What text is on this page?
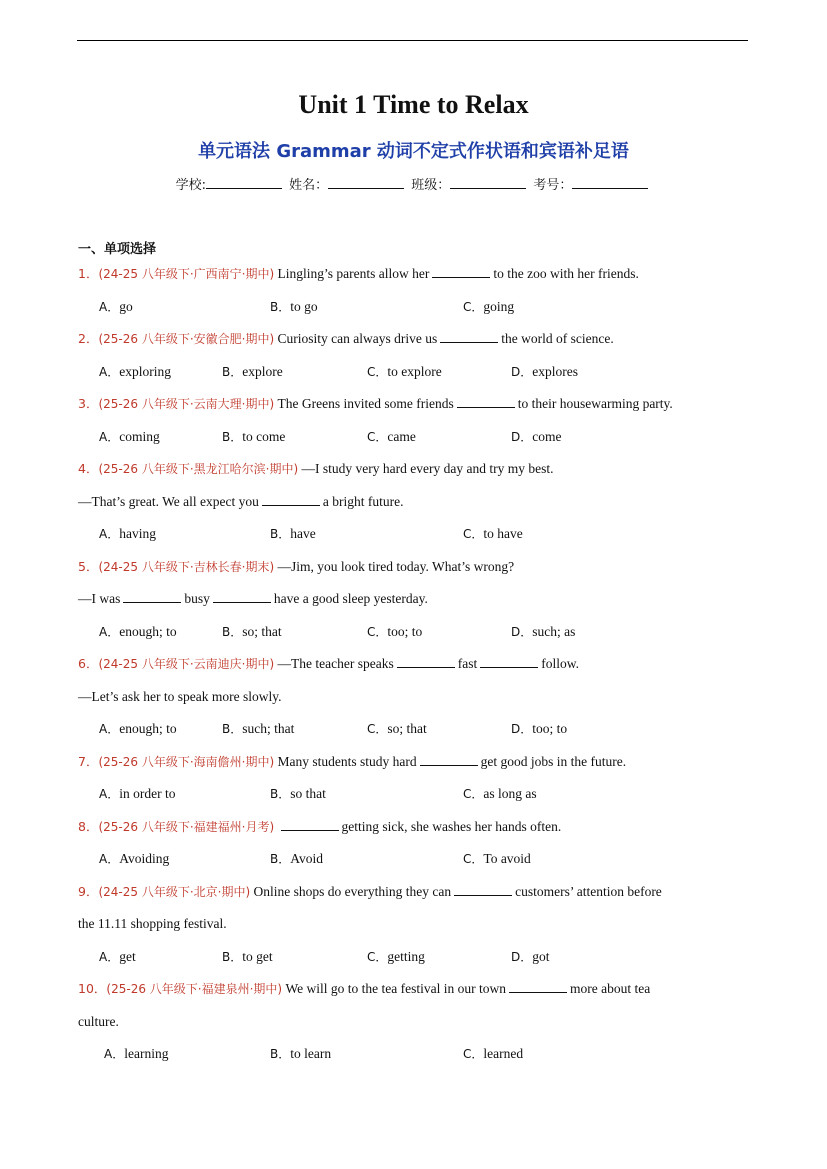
Unit 1 Time to Relax
单元语法 Grammar 动词不定式作状语和宾语补足语
学校:	姓名：	班级：	考号：
一、单项选择
1．(24-25 八年级下·广西南宁·期中) Lingling’s parents allow her	to the zoo with her friends.
A．go	B．to go	C．going
2．(25-26 八年级下·安徽合肥·期中) Curiosity can always drive us	the world of science.
A．exploring	B．explore	C．to explore	D．explores
3．(25-26 八年级下·云南大理·期中) The Greens invited some friends	to their housewarming party.
A．coming	B．to come	C．came	D．come
4．(25-26 八年级下·黑龙江哈尔滨·期中) —I study very hard every day and try my best.
—That’s great. We all expect you	a bright future.
A．having	B．have	C．to have
5．(24-25 八年级下·吉林长春·期末) —Jim, you look tired today. What’s wrong?
—I was	busy	have a good sleep yesterday.
A．enough; to	B．so; that	C．too; to	D．such; as
6．(24-25 八年级下·云南迪庆·期中) —The teacher speaks	fast	follow.
—Let’s ask her to speak more slowly.
A．enough; to	B．such; that	C．so; that	D．too; to
7．(25-26 八年级下·海南儋州·期中) Many students study hard	get good jobs in the future.
A．in order to	B．so that	C．as long as
8．(25-26 八年级下·福建福州·月考)	getting sick, she washes her hands often.
A．Avoiding	B．Avoid	C．To avoid
9．(24-25 八年级下·北京·期中) Online shops do everything they can	customers’ attention before
the 11.11 shopping festival.
A．get	B．to get	C．getting	D．got
10．(25-26 八年级下·福建泉州·期中) We will go to the tea festival in our town	more about tea
culture.
A．learning	B．to learn	C．learned
